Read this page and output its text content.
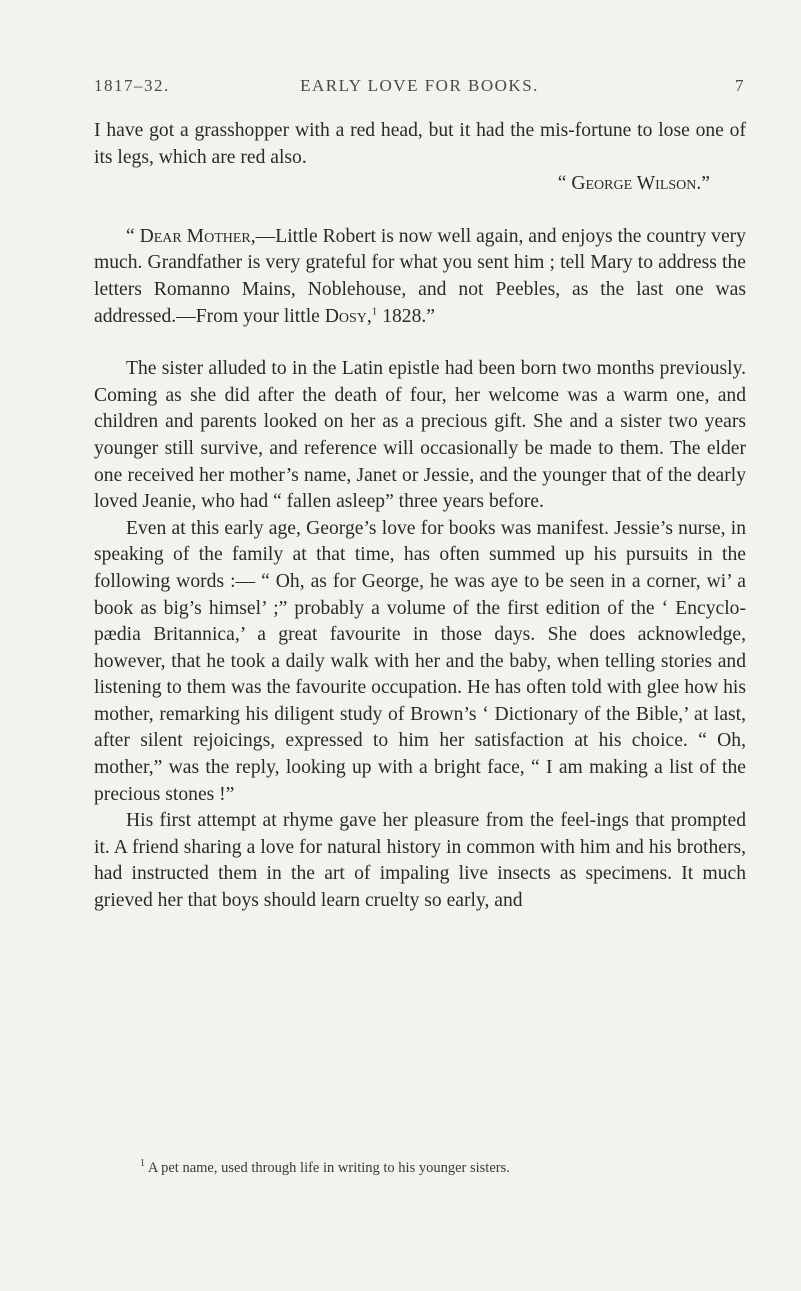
1817–32.	EARLY LOVE FOR BOOKS.	7

I have got a grasshopper with a red head, but it had the mis-fortune to lose one of its legs, which are red also.

“ George Wilson.”

“ Dear Mother,—Little Robert is now well again, and enjoys the country very much. Grandfather is very grateful for what you sent him ; tell Mary to address the letters Romanno Mains, Noblehouse, and not Peebles, as the last one was addressed.—From your little Dosy,$^1$ 1828.”

The sister alluded to in the Latin epistle had been born two months previously. Coming as she did after the death of four, her welcome was a warm one, and children and parents looked on her as a precious gift. She and a sister two years younger still survive, and reference will occasionally be made to them. The elder one received her mother’s name, Janet or Jessie, and the younger that of the dearly loved Jeanie, who had “ fallen asleep” three years before.

Even at this early age, George’s love for books was manifest. Jessie’s nurse, in speaking of the family at that time, has often summed up his pursuits in the following words :— “ Oh, as for George, he was aye to be seen in a corner, wi’ a book as big’s himsel’ ;” probably a volume of the first edition of the ‘ Encyclo-pædia Britannica,’ a great favourite in those days. She does acknowledge, however, that he took a daily walk with her and the baby, when telling stories and listening to them was the favourite occupation. He has often told with glee how his mother, remarking his diligent study of Brown’s ‘ Dictionary of the Bible,’ at last, after silent rejoicings, expressed to him her satisfaction at his choice. “ Oh, mother,” was the reply, looking up with a bright face, “ I am making a list of the precious stones !”

His first attempt at rhyme gave her pleasure from the feel-ings that prompted it. A friend sharing a love for natural history in common with him and his brothers, had instructed them in the art of impaling live insects as specimens. It much grieved her that boys should learn cruelty so early, and

$^1$ A pet name, used through life in writing to his younger sisters.
